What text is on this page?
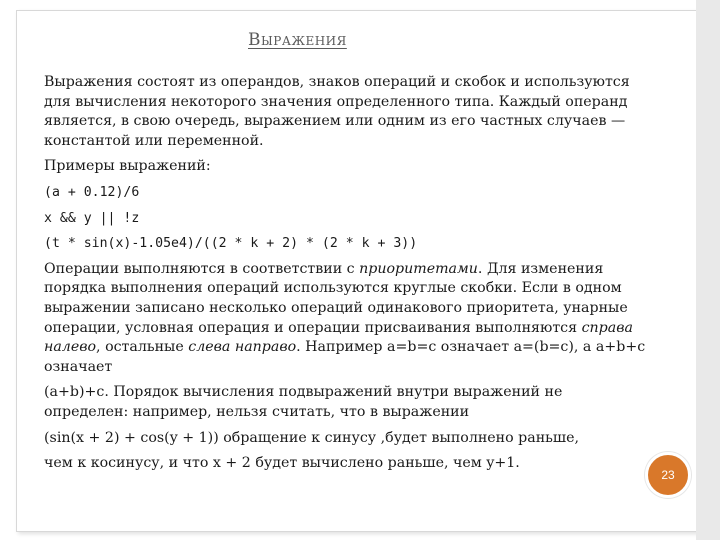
Выражения

Выражения состоят из операндов, знаков операций и скобок и используются для вычисления некоторого значения определенного типа. Каждый операнд является, в свою очередь, выражением или одним из его частных случаев — константой или переменной.

Примеры выражений:

(a + 0.12)/6

x && y || !z

(t * sin(x)-1.05e4)/((2 * k + 2) * (2 * k + 3))

Операции выполняются в соответствии с приоритетами. Для изменения порядка выполнения операций используются круглые скобки. Если в одном выражении записано несколько операций одинакового приоритета, унарные операции, условная операция и операции присваивания выполняются справа налево, остальные слева направо. Например a=b=c означает a=(b=c), а a+b+c означает

(a+b)+c. Порядок вычисления подвыражений внутри выражений не определен: например, нельзя считать, что в выражении

(sin(x + 2) + cos(y + 1)) обращение к синусу ,будет выполнено раньше,

чем к косинусу, и что x + 2 будет вычислено раньше, чем y+1.

23
